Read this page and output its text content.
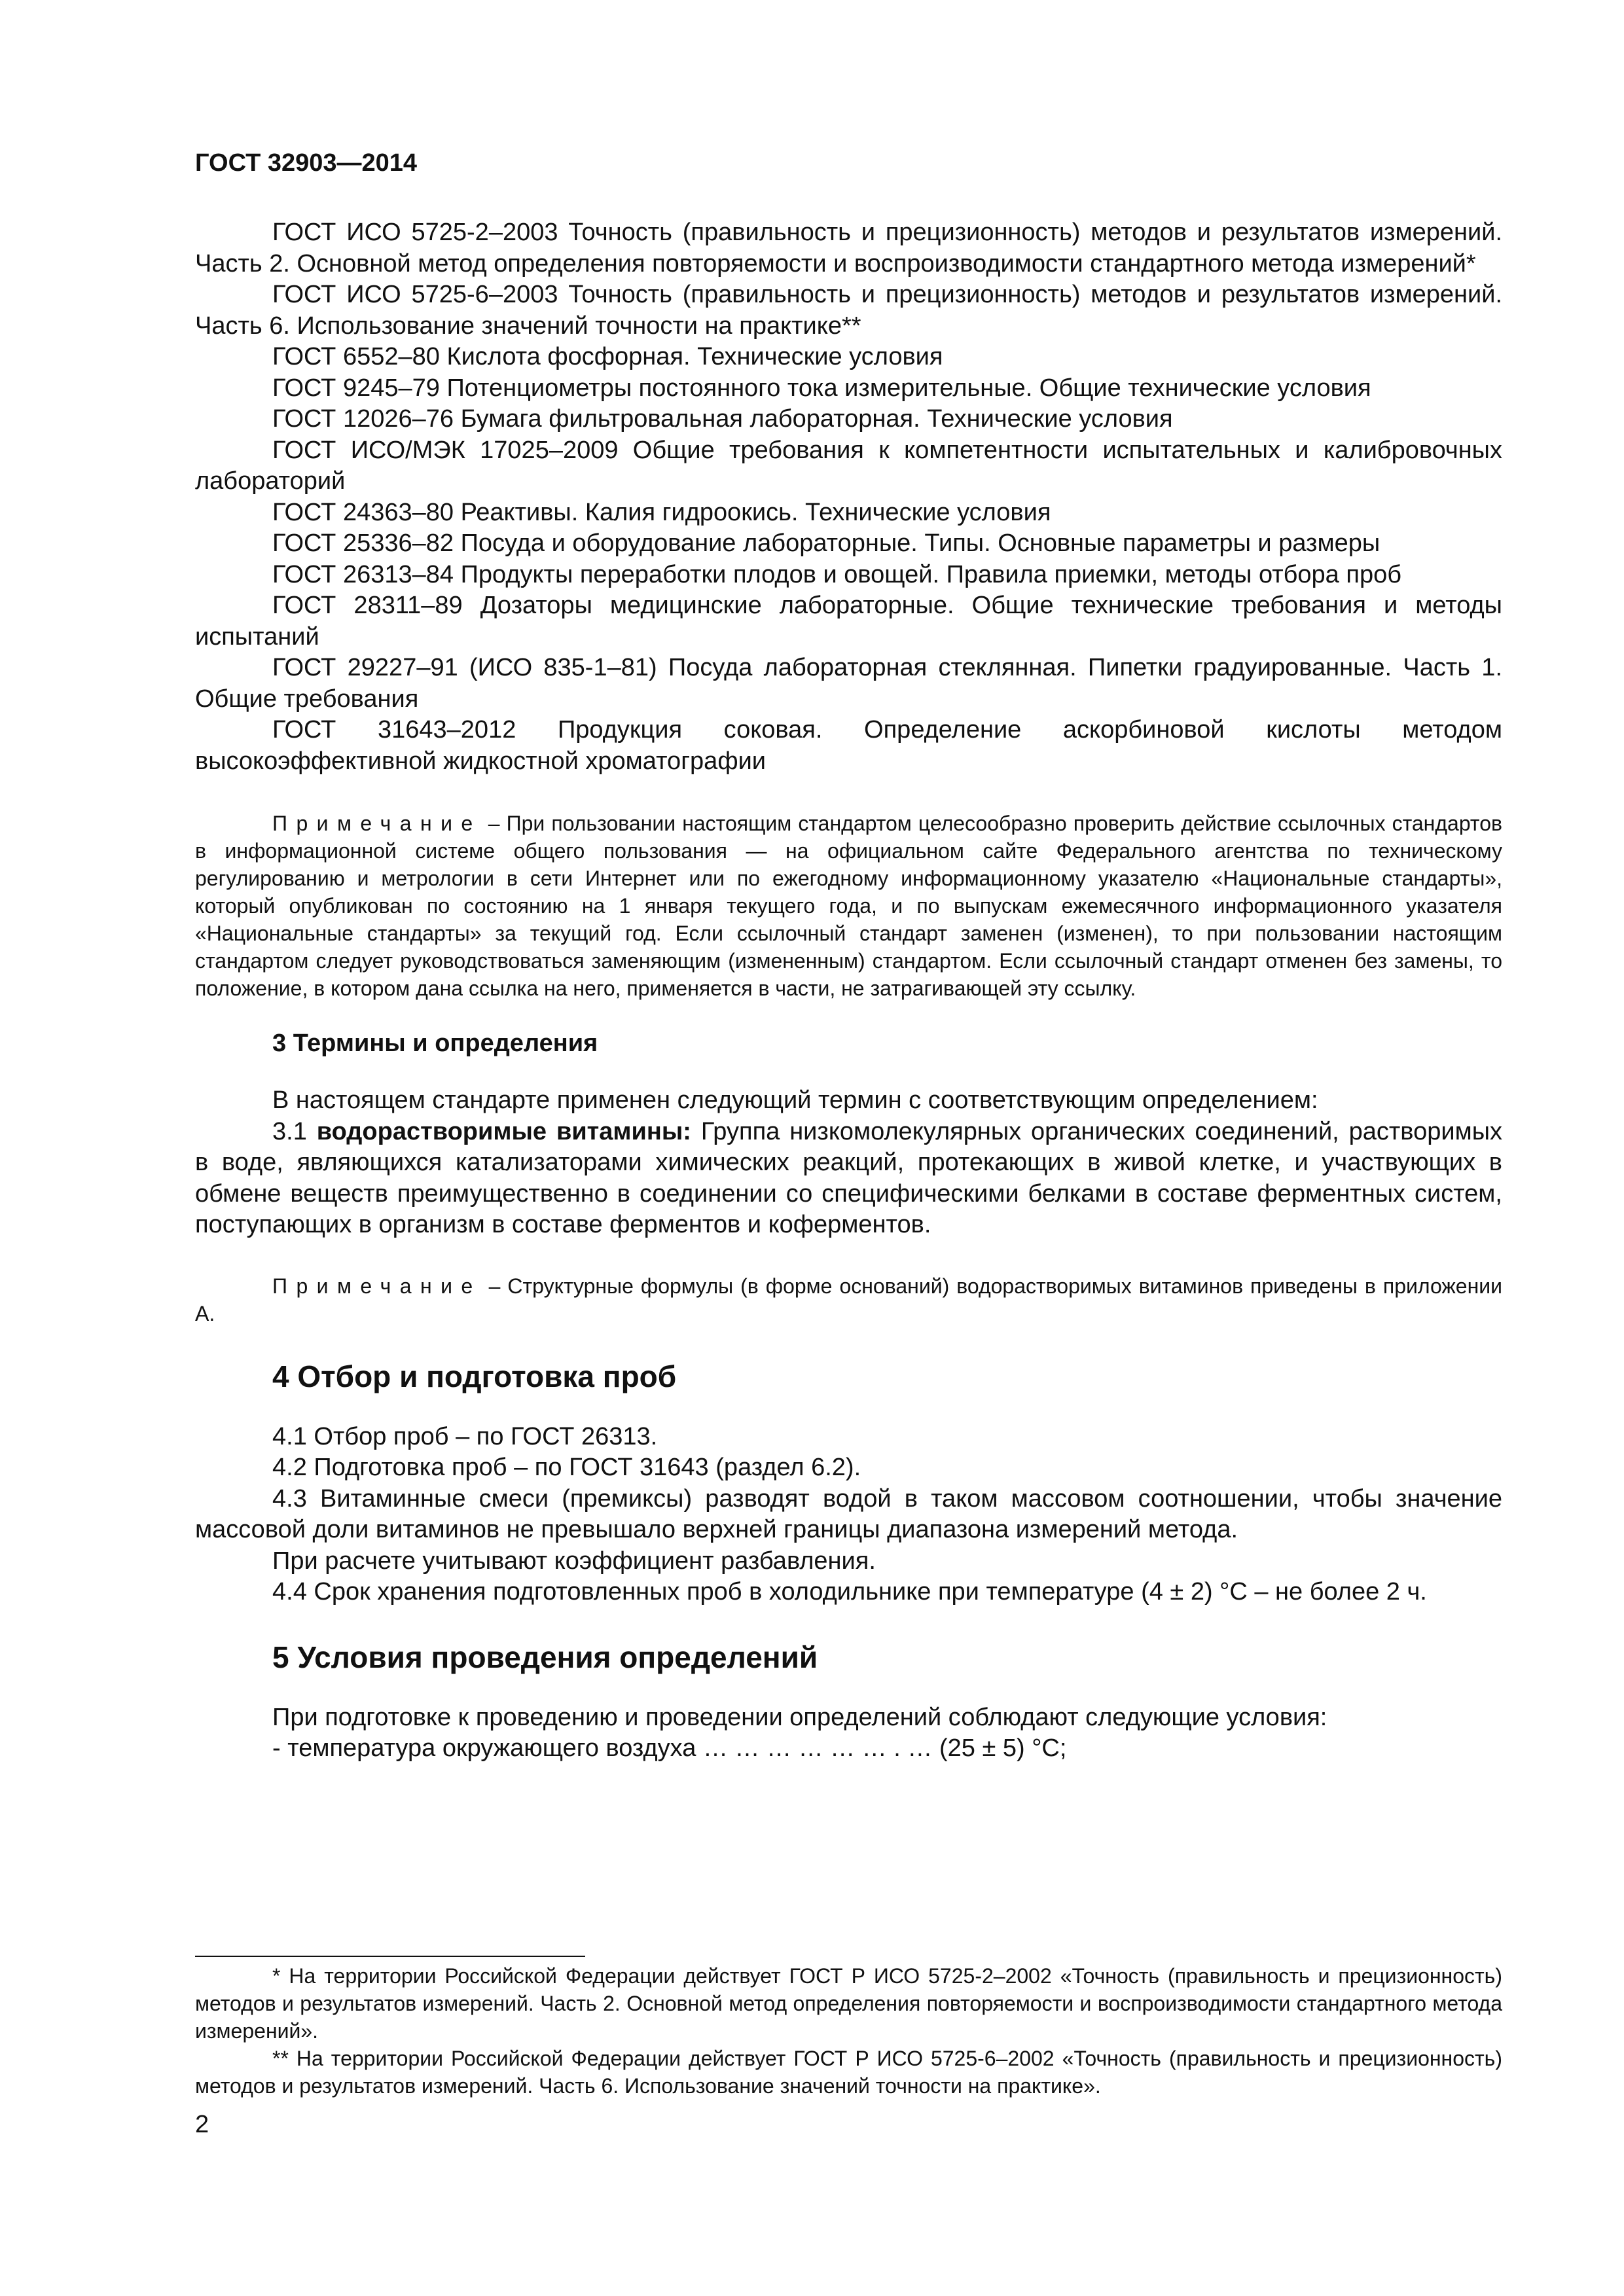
ГОСТ 32903—2014

ГОСТ ИСО 5725-2–2003 Точность (правильность и прецизионность) методов и результатов измерений. Часть 2. Основной метод определения повторяемости и воспроизводимости стандартного метода измерений*

ГОСТ ИСО 5725-6–2003 Точность (правильность и прецизионность) методов и результатов измерений. Часть 6. Использование значений точности на практике**

ГОСТ 6552–80 Кислота фосфорная. Технические условия

ГОСТ 9245–79 Потенциометры постоянного тока измерительные. Общие технические условия

ГОСТ 12026–76 Бумага фильтровальная лабораторная. Технические условия

ГОСТ ИСО/МЭК 17025–2009 Общие требования к компетентности испытательных и калибровочных лабораторий

ГОСТ 24363–80 Реактивы. Калия гидроокись. Технические условия

ГОСТ 25336–82 Посуда и оборудование лабораторные. Типы. Основные параметры и размеры

ГОСТ 26313–84 Продукты переработки плодов и овощей. Правила приемки, методы отбора проб

ГОСТ 28311–89 Дозаторы медицинские лабораторные. Общие технические требования и методы испытаний

ГОСТ 29227–91 (ИСО 835-1–81) Посуда лабораторная стеклянная. Пипетки градуированные. Часть 1. Общие требования

ГОСТ 31643–2012 Продукция соковая. Определение аскорбиновой кислоты методом высокоэффективной жидкостной хроматографии

Примечание – При пользовании настоящим стандартом целесообразно проверить действие ссылочных стандартов в информационной системе общего пользования — на официальном сайте Федерального агентства по техническому регулированию и метрологии в сети Интернет или по ежегодному информационному указателю «Национальные стандарты», который опубликован по состоянию на 1 января текущего года, и по выпускам ежемесячного информационного указателя «Национальные стандарты» за текущий год. Если ссылочный стандарт заменен (изменен), то при пользовании настоящим стандартом следует руководствоваться заменяющим (измененным) стандартом. Если ссылочный стандарт отменен без замены, то положение, в котором дана ссылка на него, применяется в части, не затрагивающей эту ссылку.

3 Термины и определения

В настоящем стандарте применен следующий термин с соответствующим определением:

3.1 водорастворимые витамины: Группа низкомолекулярных органических соединений, растворимых в воде, являющихся катализаторами химических реакций, протекающих в живой клетке, и участвующих в обмене веществ преимущественно в соединении со специфическими белками в составе ферментных систем, поступающих в организм в составе ферментов и коферментов.

Примечание – Структурные формулы (в форме оснований) водорастворимых витаминов приведены в приложении А.

4 Отбор и подготовка проб

4.1 Отбор проб – по ГОСТ 26313.

4.2 Подготовка проб – по ГОСТ 31643 (раздел 6.2).

4.3 Витаминные смеси (премиксы) разводят водой в таком массовом соотношении, чтобы значение массовой доли витаминов не превышало верхней границы диапазона измерений метода.

При расчете учитывают коэффициент разбавления.

4.4 Срок хранения подготовленных проб в холодильнике при температуре (4 ± 2) °С – не более 2 ч.

5 Условия проведения определений

При подготовке к проведению и проведении определений соблюдают следующие условия:

- температура окружающего воздуха … … … … … … . … (25 ± 5) °С;

* На территории Российской Федерации действует ГОСТ Р ИСО 5725-2–2002 «Точность (правильность и прецизионность) методов и результатов измерений. Часть 2. Основной метод определения повторяемости и воспроизводимости стандартного метода измерений».

** На территории Российской Федерации действует ГОСТ Р ИСО 5725-6–2002 «Точность (правильность и прецизионность) методов и результатов измерений. Часть 6. Использование значений точности на практике».

2
